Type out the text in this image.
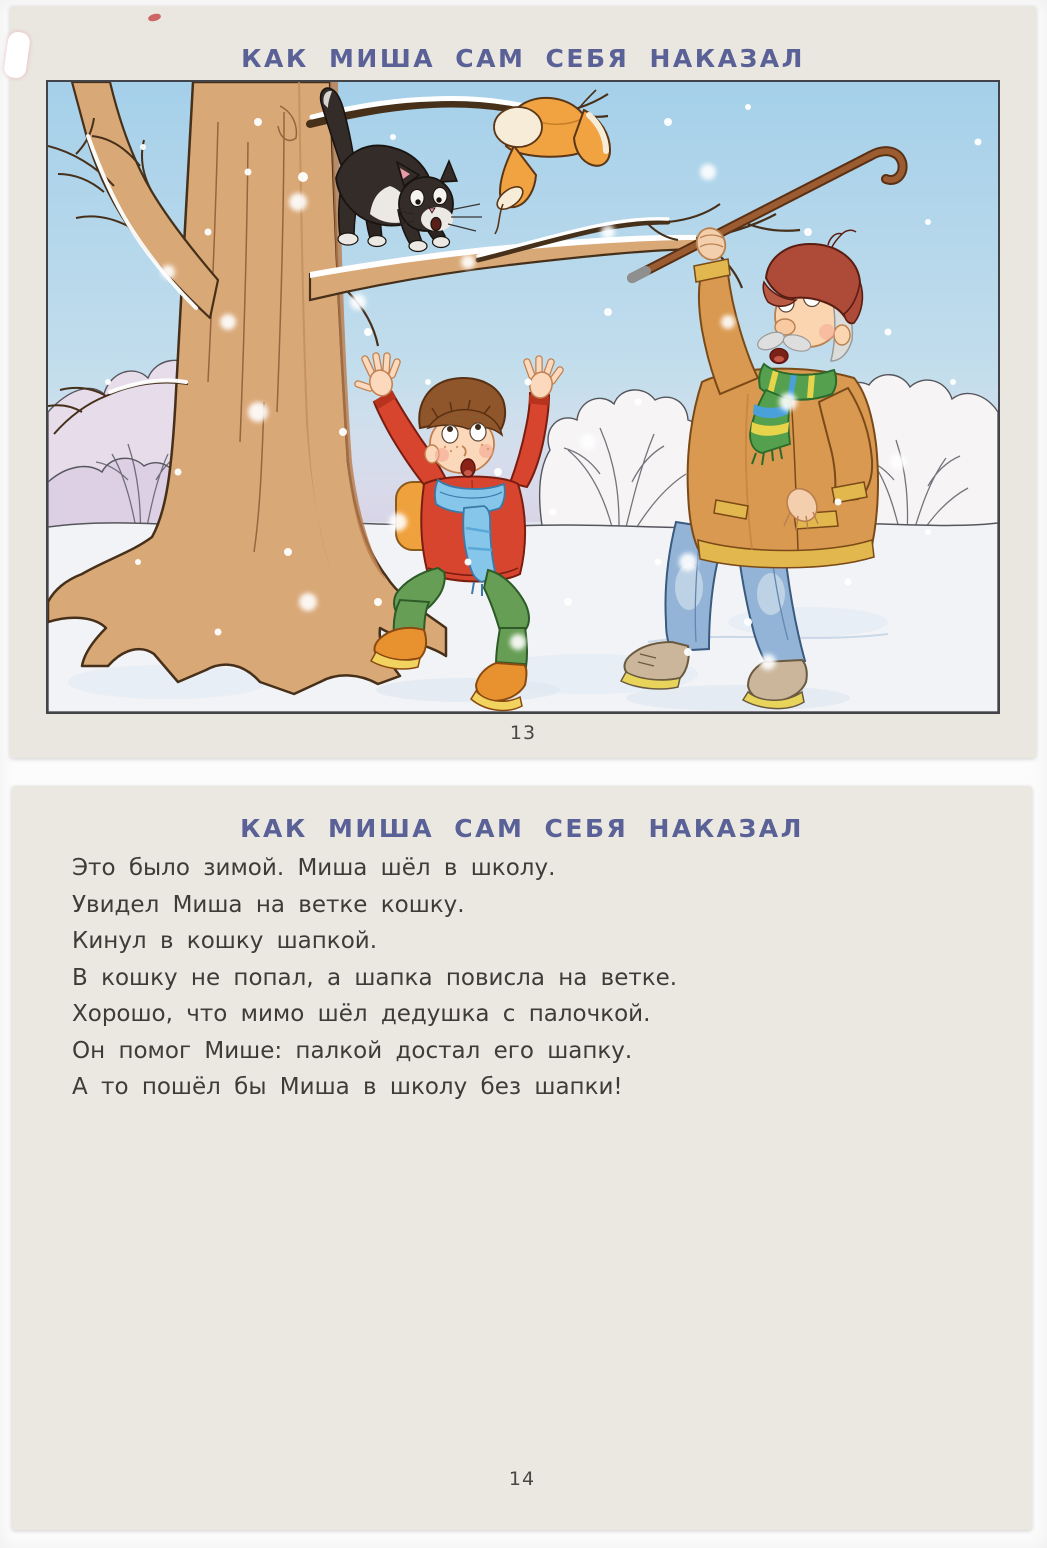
КАК МИША САМ СЕБЯ НАКАЗАЛ
13
КАК МИША САМ СЕБЯ НАКАЗАЛ
Это было зимой. Миша шёл в школу.
Увидел Миша на ветке кошку.
Кинул в кошку шапкой.
В кошку не попал, а шапка повисла на ветке.
Хорошо, что мимо шёл дедушка с палочкой.
Он помог Мише: палкой достал его шапку.
А то пошёл бы Миша в школу без шапки!
14
